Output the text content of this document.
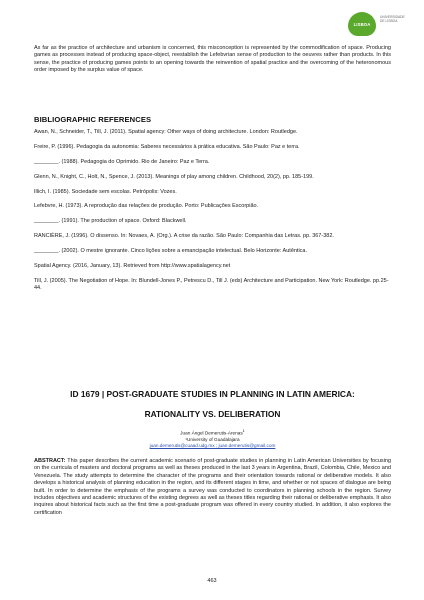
LISBOA
UNIVERSIDADE
DE LISBOA

As far as the practice of architecture and urbanism is concerned, this misconception is represented by the commodification of space. Producing games as processes instead of producing space-object, reestablish the Lefebvrian sense of production to the oeuvres rather than products. In this sense, the practice of producing games points to an opening towards the reinvention of spatial practice and the overcoming of the heteronomous order imposed by the surplus value of space.

BIBLIOGRAPHIC REFERENCES

Awan, N., Schneider, T., Till, J. (2011). Spatial agency: Other ways of doing architecture. London: Routledge.

Freire, P. (1996). Pedagogia da autonomia: Saberes necessários à prática educativa. São Paulo: Paz e terra.

________. (1988). Pedagogia do Oprimido. Rio de Janeiro: Paz e Terra.

Glenn, N., Knight, C., Holt, N., Spence, J. (2013). Meanings of play among children. Childhood, 20(2), pp. 185-199.

Illich, I. (1985). Sociedade sem escolas. Petrópolis: Vozes.

Lefebvre, H. (1973). A reprodução das relações de produção. Porto: Publicações Escorpião.

________. (1991). The production of space. Oxford: Blackwell.

RANCIÈRE, J. (1996). O dissenso. In: Novaes, A. (Org.). A crise da razão. São Paulo: Companhia das Letras. pp. 367-382.

________. (2002). O mestre ignorante. Cinco lições sobre a emancipação intelectual. Belo Horizonte: Autêntica.

Spatial Agency. (2016, January, 13). Retrieved from http://www.spatialagency.net

Till, J. (2005). The Negotiation of Hope. In: Blundell-Jones P., Petrescu D., Till J. (eds) Architecture and Participation. New York: Routledge. pp.25-44.

ID 1679 | POST-GRADUATE STUDIES IN PLANNING IN LATIN AMERICA:
RATIONALITY VS. DELIBERATION
Juan Ángel Demerutis-Arenas$^1$
¹University of Guadalajara
juan.demerutis@cuaad.udg.mx ; juan.demerutis@gmail.com

ABSTRACT: This paper describes the current academic scenario of post-graduate studies in planning in Latin American Universities by focusing on the curricula of masters and doctoral programs as well as theses produced in the last 3 years in Argentina, Brazil, Colombia, Chile, Mexico and Venezuela. The study attempts to determine the character of the programs and their orientation towards rational or deliberative models. It also develops a historical analysis of planning education in the region, and its different stages in time, and whether or not spaces of dialogue are being built. In order to determine the emphasis of the programs a survey was conducted to coordinators in planning schools in the region. Survey includes objectives and academic structures of the existing degrees as well as theses titles regarding their rational or deliberative emphasis. It also inquires about historical facts such as the first time a post-graduate program was offered in every country studied. In addition, it also explores the certification

463
